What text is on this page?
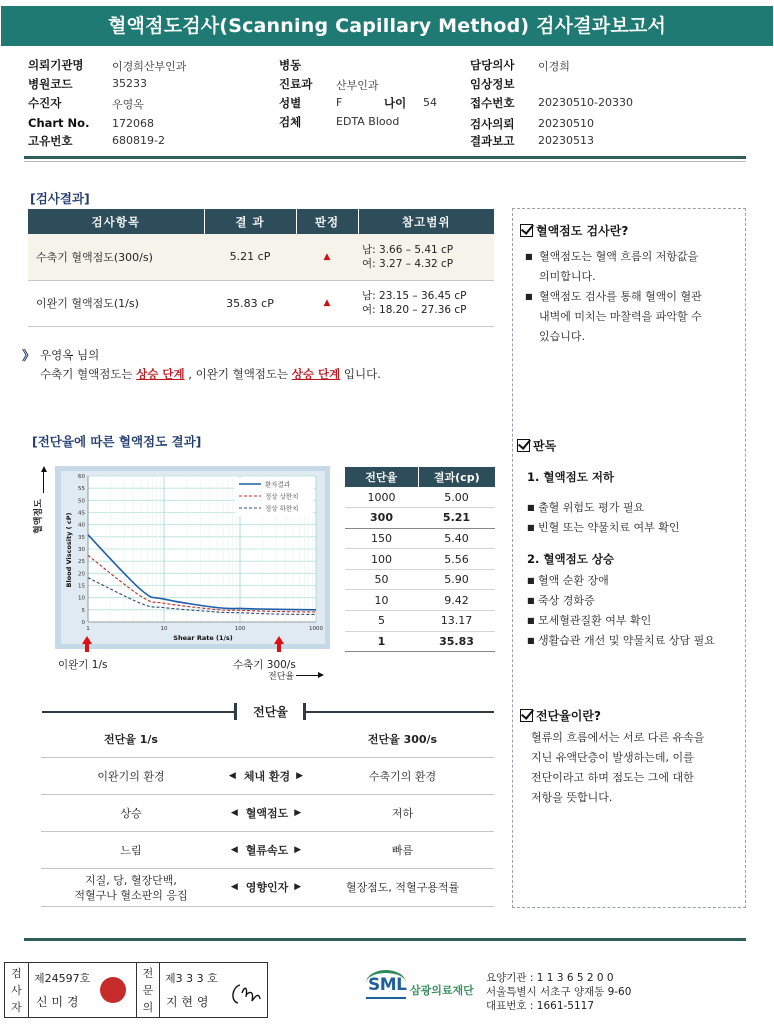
혈액점도검사(Scanning Capillary Method) 검사결과보고서
의뢰기관명	이경희산부인과
병원코드	35233
수진자	우영옥
Chart No. 172068
고유번호	680819-2
병동
진료과 산부인과
성별	F	나이 54
검체	EDTA Blood
담당의사 이경희
임상정보
접수번호 20230510-20330
검사의뢰 20230510
결과보고 20230513
[검사결과]
검사항목	결 과	판정	참고범위
수축기 혈액점도(300/s)	5.21 cP	▲	남: 3.66 – 5.41 cP
여: 3.27 – 4.32 cP

이완기 혈액점도(1/s)	35.83 cP	▲	남: 23.15 – 36.45 cP
여: 18.20 – 27.36 cP
》 우영옥 님의
수축기 혈액점도는 상승 단계 , 이완기 혈액점도는 상승 단계 입니다.
[전단율에 따른 혈액점도 결과]
혈액점도
0
5
10
15
20
25
30
35
40
45
50
55
60
1	10	100	1000
Shear Rate (1/s)
Blood Viscosity ( cP)
환자결과
정상 상한치
정상 하한치
이완기 1/s	수축기 300/s
전단율
전단율	결과(cp)
1000	5.00
300	5.21
150	5.40
100	5.56
50	5.90
10	9.42
5	13.17
1	35.83
전단율
전단율 1/s	전단율 300/s
이완기의 환경	◀ 체내 환경 ▶	수축기의 환경
상승	◀ 혈액점도 ▶	저하
느림	◀ 혈류속도 ▶	빠름
지질, 당, 혈장단백,
적혈구나 혈소판의 응집
◀ 영향인자 ▶	혈장점도, 적혈구용적률
혈액점도 검사란?
■ 혈액점도는 혈액 흐름의 저항값을
의미합니다.
■ 혈액점도 검사를 통해 혈액이 혈관
내벽에 미치는 마찰력을 파악할 수
있습니다.
판독
1. 혈액점도 저하
■ 출혈 위험도 평가 필요
■ 빈혈 또는 약물치료 여부 확인
2. 혈액점도 상승
■ 혈액 순환 장애
■ 죽상 경화증
■ 모세혈관질환 여부 확인
■ 생활습관 개선 및 약물치료 상담 필요
전단율이란?
혈류의 흐름에서는 서로 다른 유속을
지닌 유액단층이 발생하는데, 이를
전단이라고 하며 점도는 그에 대한
저항을 뜻합니다.
검사자
제24597호
신 미 경
전문의
제3 3 3 호
지 현 영
SML 삼광의료재단
요양기관 : 1 1 3 6 5 2 0 0
서울특별시 서초구 양재동 9-60
대표번호 : 1661-5117
